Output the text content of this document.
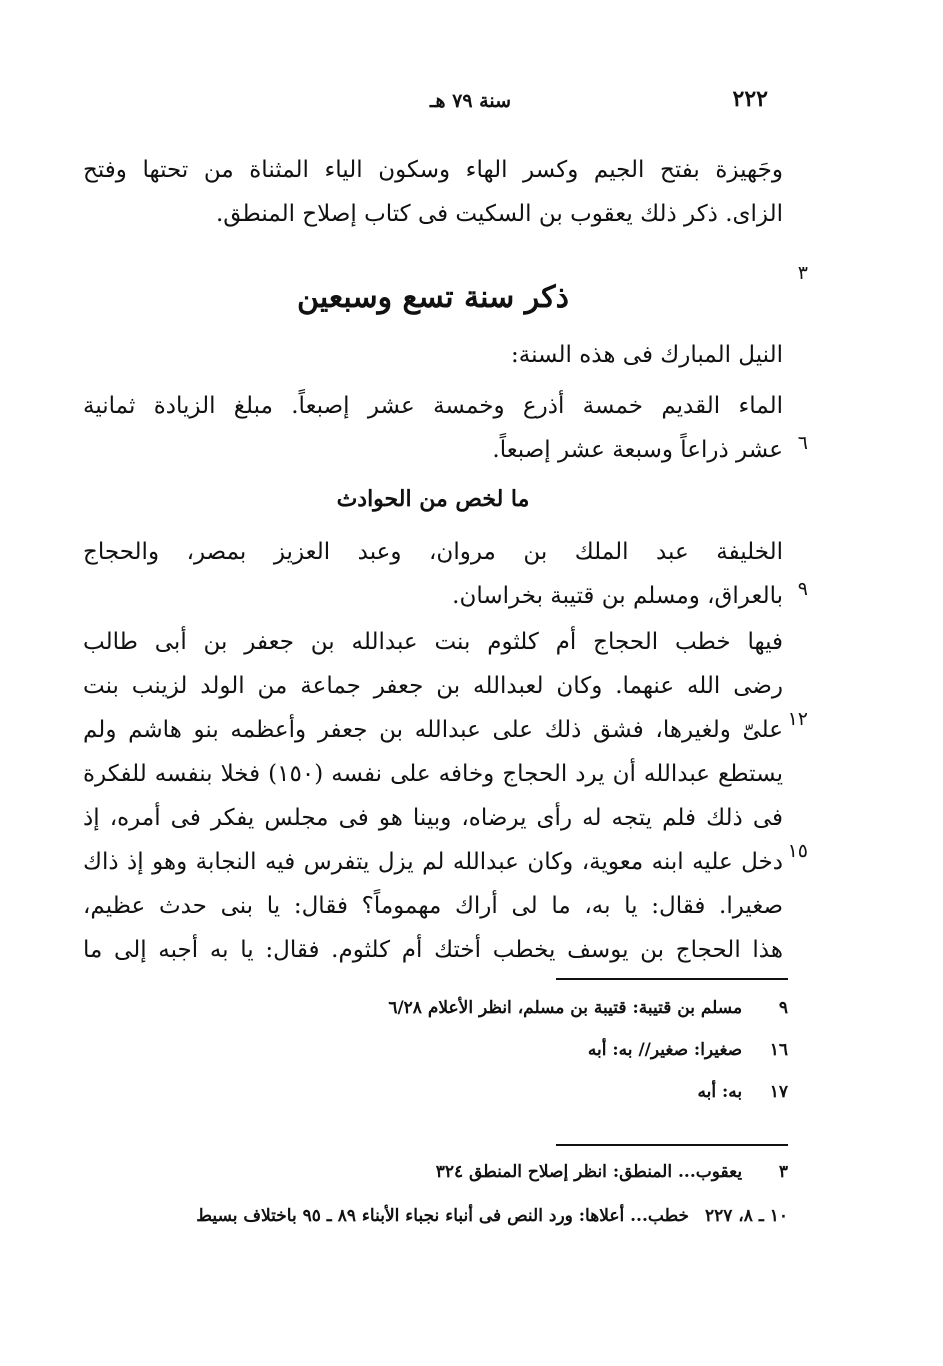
٢٢٢
سنة ٧٩ هـ
وجَهيزة بفتح الجيم وكسر الهاء وسكون الياء المثناة من تحتها وفتح
الزاى. ذكر ذلك يعقوب بن السكيت فى كتاب إصلاح المنطق.
٣
ذكر سنة تسع وسبعين
النيل المبارك فى هذه السنة:
الماء القديم خمسة أذرع وخمسة عشر إصبعاً. مبلغ الزيادة ثمانية
عشر ذراعاً وسبعة عشر إصبعاً. ٦
ما لخص من الحوادث
الخليفة عبد الملك بن مروان، وعبد العزيز بمصر، والحجاج
بالعراق، ومسلم بن قتيبة بخراسان. ٩
فيها خطب الحجاج أم كلثوم بنت عبدالله بن جعفر بن أبى طالب
رضى الله عنهما. وكان لعبدالله بن جعفر جماعة من الولد لزينب بنت
علىّ ولغيرها، فشق ذلك على عبدالله بن جعفر وأعظمه بنو هاشم ولم
يستطع عبدالله أن يرد الحجاج وخافه على نفسه (١٥٠) فخلا بنفسه للفكرة
فى ذلك فلم يتجه له رأى يرضاه، وبينا هو فى مجلس يفكر فى أمره، إذ
دخل عليه ابنه معوية، وكان عبدالله لم يزل يتفرس فيه النجابة وهو إذ ذاك
صغيرا. فقال: يا به، ما لى أراك مهموماً؟ فقال: يا بنى حدث عظيم،
هذا الحجاج بن يوسف يخطب أختك أم كلثوم. فقال: يا به أجبه إلى ما
١٢
١٥
٩ مسلم بن قتيبة: قتيبة بن مسلم، انظر الأعلام ٦/٢٨
١٦ صغيرا: صغير// به: أبه
١٧ به: أبه
٣ يعقوب... المنطق: انظر إصلاح المنطق ٣٢٤
١٠ ـ ٨، ٢٢٧ خطب... أعلاها: ورد النص فى أنباء نجباء الأبناء ٨٩ ـ ٩٥ باختلاف بسيط
